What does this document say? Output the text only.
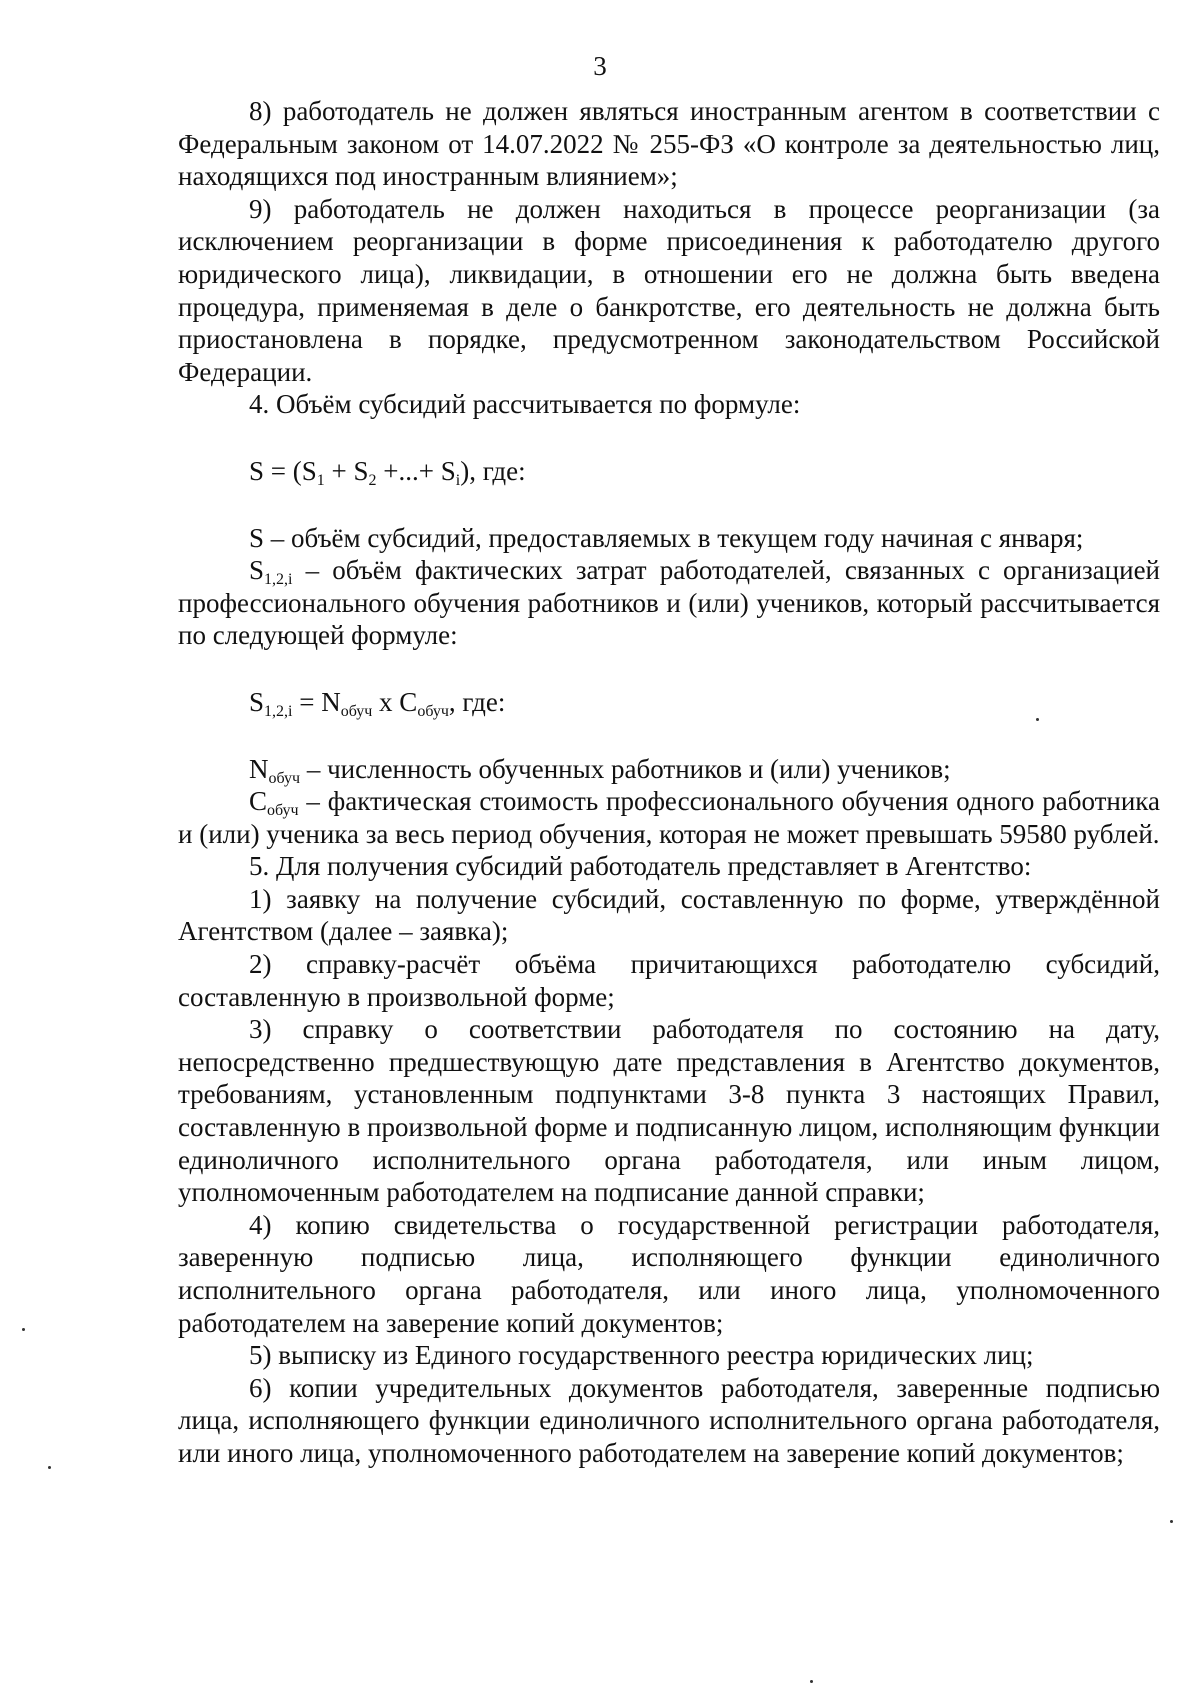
3

8) работодатель не должен являться иностранным агентом в соответствии с Федеральным законом от 14.07.2022 № 255-ФЗ «О контроле за деятельностью лиц, находящихся под иностранным влиянием»;

9) работодатель не должен находиться в процессе реорганизации (за исключением реорганизации в форме присоединения к работодателю другого юридического лица), ликвидации, в отношении его не должна быть введена процедура, применяемая в деле о банкротстве, его деятельность не должна быть приостановлена в порядке, предусмотренном законодательством Российской Федерации.

4. Объём субсидий рассчитывается по формуле:

$S = (S_1 + S_2$ +...+ $S_i$), где:

S – объём субсидий, предоставляемых в текущем году начиная с января;

$S_{1,2,i}$ – объём фактических затрат работодателей, связанных с организацией профессионального обучения работников и (или) учеников, который рассчитывается по следующей формуле:

$S_{1,2,i} = N_{обуч}$ х $С_{обуч}$, где:

$N_{обуч}$ – численность обученных работников и (или) учеников;

$С_{обуч}$ – фактическая стоимость профессионального обучения одного работника и (или) ученика за весь период обучения, которая не может превышать 59580 рублей.

5. Для получения субсидий работодатель представляет в Агентство:

1) заявку на получение субсидий, составленную по форме, утверждённой Агентством (далее – заявка);

2) справку-расчёт объёма причитающихся работодателю субсидий, составленную в произвольной форме;

3) справку о соответствии работодателя по состоянию на дату, непосредственно предшествующую дате представления в Агентство документов, требованиям, установленным подпунктами 3-8 пункта 3 настоящих Правил, составленную в произвольной форме и подписанную лицом, исполняющим функции единоличного исполнительного органа работодателя, или иным лицом, уполномоченным работодателем на подписание данной справки;

4) копию свидетельства о государственной регистрации работодателя, заверенную подписью лица, исполняющего функции единоличного исполнительного органа работодателя, или иного лица, уполномоченного работодателем на заверение копий документов;

5) выписку из Единого государственного реестра юридических лиц;

6) копии учредительных документов работодателя, заверенные подписью лица, исполняющего функции единоличного исполнительного органа работодателя, или иного лица, уполномоченного работодателем на заверение копий документов;
